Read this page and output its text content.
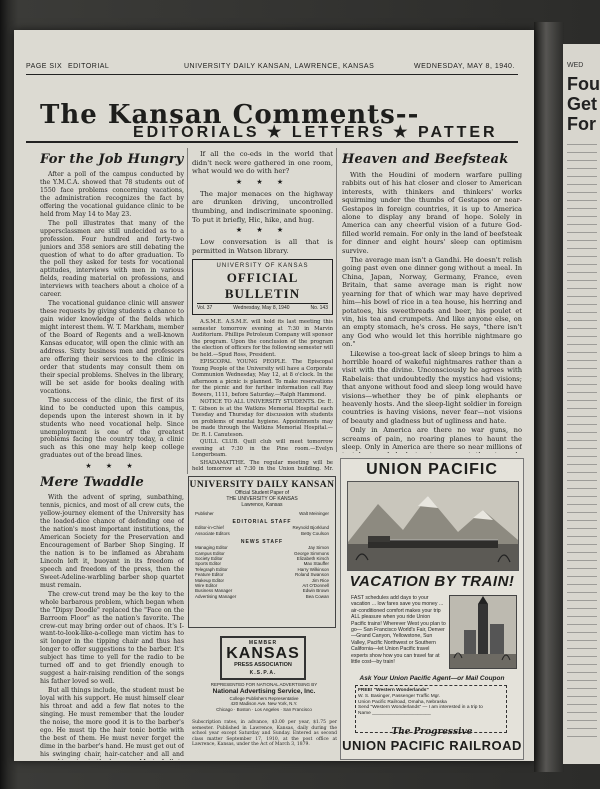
WED
Fou
Get
For
PAGE SIX EDITORIAL	UNIVERSITY DAILY KANSAN, LAWRENCE, KANSAS	WEDNESDAY, MAY 8, 1940.
The Kansan Comments--
EDITORIALS ★ LETTERS ★ PATTER
For the Job Hungry

After a poll of the campus conducted by the Y.M.C.A. showed that 78 students out of 1550 face problems concerning vacations, the administration recognizes the fact by offering the vocational guidance clinic to be held from May 14 to May 23.

The poll illustrates that many of the uppersclassmen are still undecided as to a profession. Four hundred and forty-two juniors and 358 seniors are still debating the question of what to do after graduation. To the poll they asked for tests for vocational aptitudes, interviews with men in various fields, reading material on professions, and interviews with teachers about a choice of a career.

The vocational guidance clinic will answer these requests by giving students a chance to gain wider knowledge of the fields which might interest them. W. T. Markham, member of the Board of Regents and a well-known Kansas educator, will open the clinic with an address. Sixty business men and professors are offering their services to the clinic in order that students may consult them on their special problems. Shelves in the library, will be set aside for books dealing with vocations.

The success of the clinic, the first of its kind to be conducted upon this campus, depends upon the interest shown in it by students who need vocational help. Since unemployment is one of the greatest problems facing the country today, a clinic such as this one may help keep college graduates out of the bread lines.

★ ★ ★
Mere Twaddle

With the advent of spring, sunbathing, tennis, picnics, and most of all crew cuts, the yellow-journey element of the University has the loaded-dice chance of defending one of the nation's most important institutions, the American Society for the Preservation and Encouragement of Barber Shop Singing. If the nation is to be inflamed as Abraham Lincoln left it, buoyant in its freedom of speech and freedom of the press, then the Sweet-Adeline-warbling barber shop quartet must remain.

The crew-cut trend may be the key to the whole barbarous problem, which began when the "Dipsy Doodle" replaced the "Face on the Barroom Floor" as the nation's favorite. The crew-cut may bring order out of chaos. It's I-want-to-look-like-a-college man victim has to sit longer in the tipping chair and thus has longer to offer suggestions to the barber. It's subject has time to yell for the radio to be turned off and to get friendly enough to suggest a hair-raising rendition of the songs his father loved so well.

But all things include, the student must be loyal with his support. He must himself clear his throat and add a few flat notes to the singing. He must remember that the louder the noise, the more good it is to the barber's ego. He must tip the hair tonic bottle with the best of them. He must never forget the dime in the barber's hand. He must get out of his swinging chair, hair-catcher and all and

If all the co-eds in the world that didn't neck were gathered in one room, what would we do with her?

★ ★ ★

The major menaces on the highway are drunken driving, uncontrolled thumbing, and indiscriminate spooning. To put it briefly, Hic, hike, and hug.

★ ★ ★

Low conversation is all that is permitted in Watson library.

UNIVERSITY OF KANSAS
OFFICIAL BULLETIN
Vol. 37	Wednesday, May 8, 1940	No. 143

A.S.M.E. A.S.M.E. will hold its last meeting this semester tomorrow evening at 7:30 in Marvin Auditorium. Phillips Petroleum Company will sponsor the program. Upon the conclusion of the program the election of officers for the following semester will be held.—Spud Ross, President.

EPISCOPAL YOUNG PEOPLE. The Episcopal Young People of the University will have a Corporate Communion Wednesday, May 12, at 8 o'clock. In the afternoon a picnic is planned. To make reservations for the picnic and for further information call Ray Bowers, 1111, before Saturday.—Ralph Hammond.

NOTICE TO ALL UNIVERSITY STUDENTS. Dr. E. T. Gibson is at the Watkins Memorial Hospital each Tuesday and Thursday for discussion with students on problems of mental hygiene. Appointments may be made through the Watkins Memorial Hospital.—Dr. R. I. Canuteson.

QUILL CLUB. Quill club will meet tomorrow evening at 7:30 in the Pine room.—Evelyn Longerbeam.

SHADAMATTHE. The regular meeting will be held tomorrow at 7:30 in the Union building. Mr.

Heaven and Beefsteak

With the Houdini of modern warfare pulling rabbits out of his hat closer and closer to American interests, with thinkers and thinkers' works squirming under the thumbs of Gestapos or near-Gestapos in foreign countries, it is up to America alone to display any brand of hope. Solely in America can any cheerful vision of a future God-filled world remain. For only in the land of beefsteak for dinner and eight hours' sleep can optimism survive.

The average man isn't a Gandhi. He doesn't relish going past even one dinner gong without a meal. In China, Japan, Norway, Germany, France, even Britain, that same average man is right now yearning for that of which war may have deprived him—his bowl of rice in a tea house, his herring and potatoes, his sweetbreads and beer, his poulet et vin, his tea and crumpets. And like anyone else, on an empty stomach, he's cross. He says, "there isn't any God who would let this horrible nightmare go on."

Likewise a too-great lack of sleep brings to him a horrible hoard of wakeful nightmares rather than a visit with the divine. Unconsciously he agrees with Rabelais: that undoubtedly the mystics had visions; that anyone without food and sleep long would have visions—whether they be of pink elephants or heavenly hosts. And the sleep-light soldier in foreign countries is having visions, never fear—not visions of beauty and gladness but of ugliness and hate.

Only in America are there no war guns, no screams of pain, no roaring planes to haunt the sleep. Only in America are there so near millions of

UNIVERSITY DAILY KANSAN
Official Student Paper of
THE UNIVERSITY OF KANSAS
Lawrence, Kansas
Publisher	Walt Meininger
EDITORIAL STAFF
Editor-in-Chief	Reynold Bjorklund
Associate Editors	Betty Coulson
NEWS STAFF
Managing Editor	Jay Simon
Campus Editor	George Simmons
Society Editor	Elizabeth Kirsch
Sports Editor	Max Stauffer
Telegraph Editor	Harry Wilkinson
Feature Editor	Roland Swanson
Makeup Editor	Jim Rice
Wire Editor	Art O'Donnell
Business Manager	Edwin Brown
Advertising Manager	Bea Cowan
MEMBER
KANSAS
PRESS ASSOCIATION
K.S.P.A.
REPRESENTED FOR NATIONAL ADVERTISING BY
National Advertising Service, Inc.
College Publishers Representative
420 Madison Ave. New York, N.Y.
Chicago · Boston · Los Angeles · San Francisco
Subscription rates, in advance, $3.00 per year, $1.75 per semester. Published in Lawrence, Kansas, daily during the school year except Saturday and Sunday. Entered as second class matter September 17, 1910, at the post office at Lawrence, Kansas, under the Act of March 3, 1879.
UNION PACIFIC
VACATION BY TRAIN!
FAST schedules add days to your vacation ... low fares save you money ... air-conditioned comfort makes your trip ALL pleasure when you ride Union Pacific trains! Wherever West you plan to go— San Francisco World's Fair, Denver—Grand Canyon, Yellowstone, Sun Valley, Pacific Northwest or Southern California—let Union Pacific travel experts show how you can travel far at little cost—by train!
Ask Your Union Pacific Agent—or Mail Coupon
FREE! "Western Wonderlands"
W. S. Basinger, Passenger Traffic Mgr.
Union Pacific Railroad, Omaha, Nebraska
Send "Western Wonderlands" — I am interested in a trip to
Name ______________________
The Progressive
UNION PACIFIC RAILROAD
